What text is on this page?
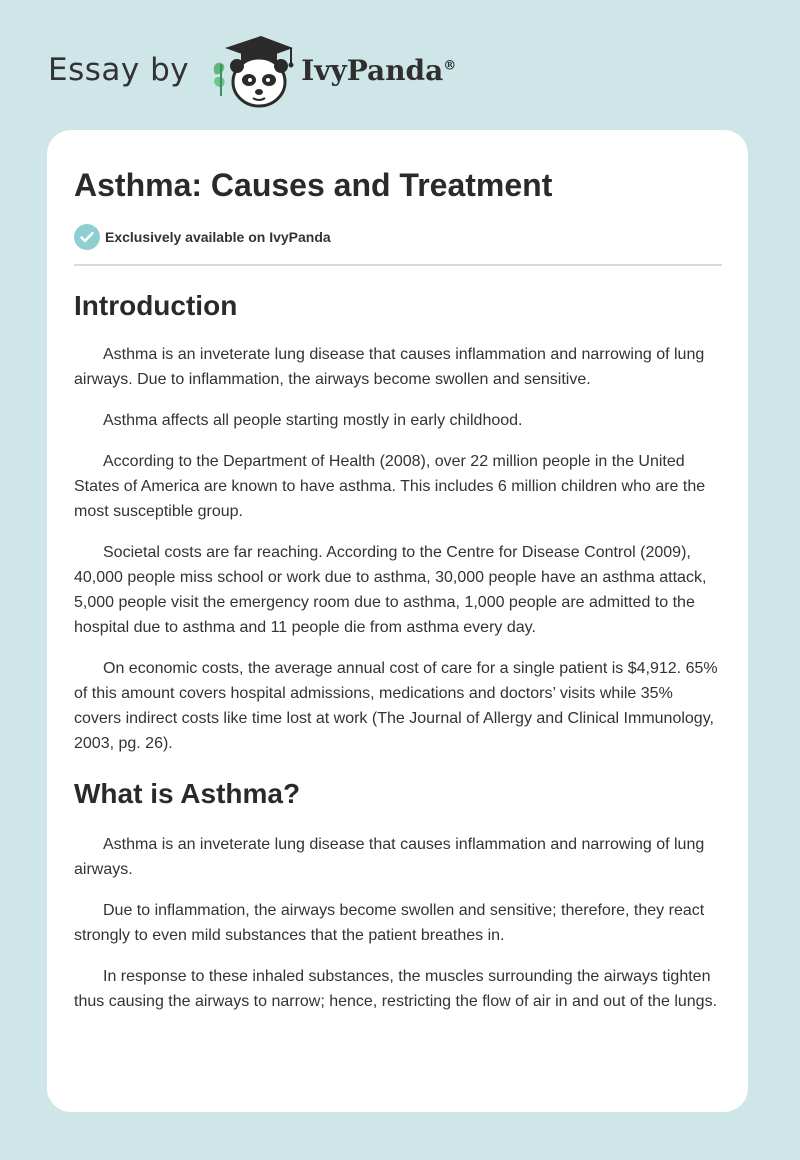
Essay by	IvyPanda®
Asthma: Causes and Treatment
Exclusively available on IvyPanda
Introduction

Asthma is an inveterate lung disease that causes inflammation and narrowing of lung airways. Due to inflammation, the airways become swollen and sensitive.

Asthma affects all people starting mostly in early childhood.

According to the Department of Health (2008), over 22 million people in the United States of America are known to have asthma. This includes 6 million children who are the most susceptible group.

Societal costs are far reaching. According to the Centre for Disease Control (2009), 40,000 people miss school or work due to asthma, 30,000 people have an asthma attack, 5,000 people visit the emergency room due to asthma, 1,000 people are admitted to the hospital due to asthma and 11 people die from asthma every day.

On economic costs, the average annual cost of care for a single patient is $4,912. 65% of this amount covers hospital admissions, medications and doctors’ visits while 35% covers indirect costs like time lost at work (The Journal of Allergy and Clinical Immunology, 2003, pg. 26).

What is Asthma?

Asthma is an inveterate lung disease that causes inflammation and narrowing of lung airways.

Due to inflammation, the airways become swollen and sensitive; therefore, they react strongly to even mild substances that the patient breathes in.

In response to these inhaled substances, the muscles surrounding the airways tighten thus causing the airways to narrow; hence, restricting the flow of air in and out of the lungs.
